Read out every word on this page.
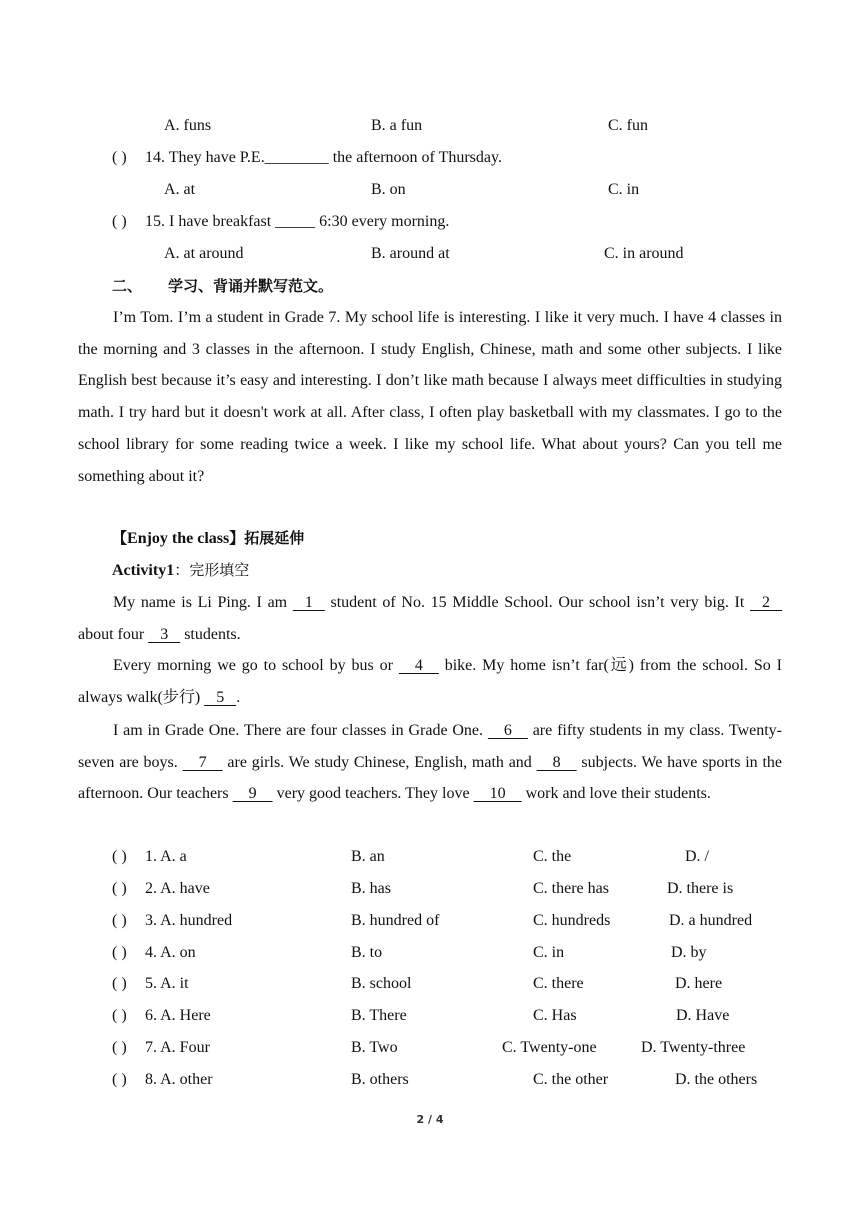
A. funs	B. a fun	C. fun
( ) 14. They have P.E.________ the afternoon of Thursday.
A. at	B. on	C. in
( ) 15. I have breakfast _____ 6:30 every morning.
A. at around	B. around at	C. in around
二、 学习、背诵并默写范文。
I’m Tom. I’m a student in Grade 7. My school life is interesting. I like it very much. I have 4 classes in the morning and 3 classes in the afternoon. I study English, Chinese, math and some other subjects. I like English best because it’s easy and interesting. I don’t like math because I always meet difficulties in studying math. I try hard but it doesn't work at all. After class, I often play basketball with my classmates. I go to the school library for some reading twice a week. I like my school life. What about yours? Can you tell me something about it?
【Enjoy the class】拓展延伸
Activity1：完形填空
My name is Li Ping. I am    1    student of No. 15 Middle School. Our school isn’t very big. It    2    about four    3    students.
Every morning we go to school by bus or     4     bike. My home isn’t far(远) from the school. So I always walk(步行)    5   .
I am in Grade One. There are four classes in Grade One.     6     are fifty students in my class. Twenty-seven are boys.     7     are girls. We study Chinese, English, math and     8     subjects. We have sports in the afternoon. Our teachers     9     very good teachers. They love     10     work and love their students.
( ) 1. A. a	B. an	C. the	D. /
( ) 2. A. have	B. has	C. there has	D. there is
( ) 3. A. hundred	B. hundred of	C. hundreds	D. a hundred
( ) 4. A. on	B. to	C. in	D. by
( ) 5. A. it	B. school	C. there	D. here
( ) 6. A. Here	B. There	C. Has	D. Have
( ) 7. A. Four	B. Two	C. Twenty-one	D. Twenty-three
( ) 8. A. other	B. others	C. the other	D. the others
2 / 4
